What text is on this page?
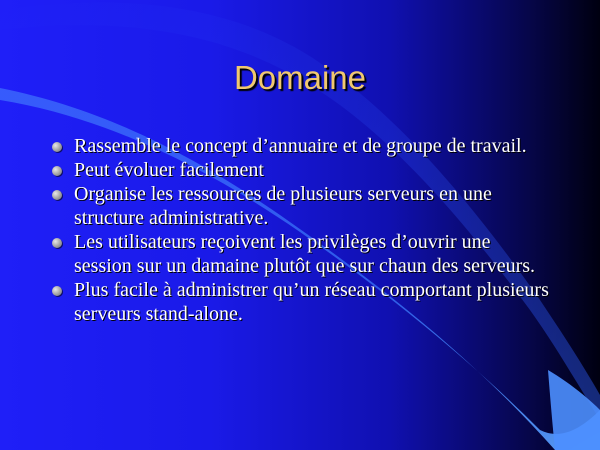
Domaine
Rassemble le concept d’annuaire et de groupe de travail.
Peut évoluer facilement
Organise les ressources de plusieurs serveurs en une structure administrative.
Les utilisateurs reçoivent les privilèges d’ouvrir une session sur un damaine plutôt que sur chaun des serveurs.
Plus facile à administrer qu’un réseau comportant plusieurs serveurs stand-alone.
